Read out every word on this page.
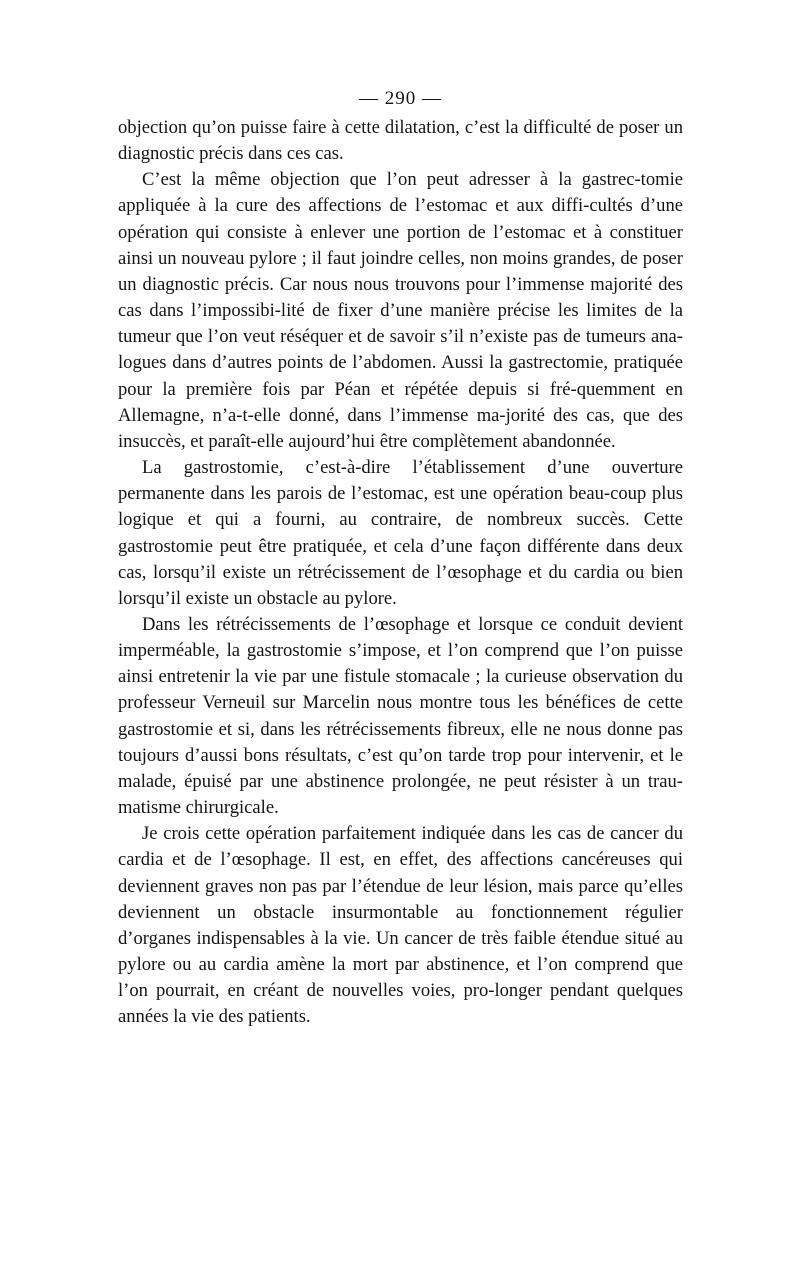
— 290 —

objection qu’on puisse faire à cette dilatation, c’est la difficulté de poser un diagnostic précis dans ces cas.

C’est la même objection que l’on peut adresser à la gastrec-tomie appliquée à la cure des affections de l’estomac et aux diffi-cultés d’une opération qui consiste à enlever une portion de l’estomac et à constituer ainsi un nouveau pylore ; il faut joindre celles, non moins grandes, de poser un diagnostic précis. Car nous nous trouvons pour l’immense majorité des cas dans l’impossibi-lité de fixer d’une manière précise les limites de la tumeur que l’on veut réséquer et de savoir s’il n’existe pas de tumeurs ana-logues dans d’autres points de l’abdomen. Aussi la gastrectomie, pratiquée pour la première fois par Péan et répétée depuis si fré-quemment en Allemagne, n’a-t-elle donné, dans l’immense ma-jorité des cas, que des insuccès, et paraît-elle aujourd’hui être complètement abandonnée.

La gastrostomie, c’est-à-dire l’établissement d’une ouverture permanente dans les parois de l’estomac, est une opération beau-coup plus logique et qui a fourni, au contraire, de nombreux succès. Cette gastrostomie peut être pratiquée, et cela d’une façon différente dans deux cas, lorsqu’il existe un rétrécissement de l’œsophage et du cardia ou bien lorsqu’il existe un obstacle au pylore.

Dans les rétrécissements de l’œsophage et lorsque ce conduit devient imperméable, la gastrostomie s’impose, et l’on comprend que l’on puisse ainsi entretenir la vie par une fistule stomacale ; la curieuse observation du professeur Verneuil sur Marcelin nous montre tous les bénéfices de cette gastrostomie et si, dans les rétrécissements fibreux, elle ne nous donne pas toujours d’aussi bons résultats, c’est qu’on tarde trop pour intervenir, et le malade, épuisé par une abstinence prolongée, ne peut résister à un trau-matisme chirurgicale.

Je crois cette opération parfaitement indiquée dans les cas de cancer du cardia et de l’œsophage. Il est, en effet, des affections cancéreuses qui deviennent graves non pas par l’étendue de leur lésion, mais parce qu’elles deviennent un obstacle insurmontable au fonctionnement régulier d’organes indispensables à la vie. Un cancer de très faible étendue situé au pylore ou au cardia amène la mort par abstinence, et l’on comprend que l’on pourrait, en créant de nouvelles voies, pro-longer pendant quelques années la vie des patients.
